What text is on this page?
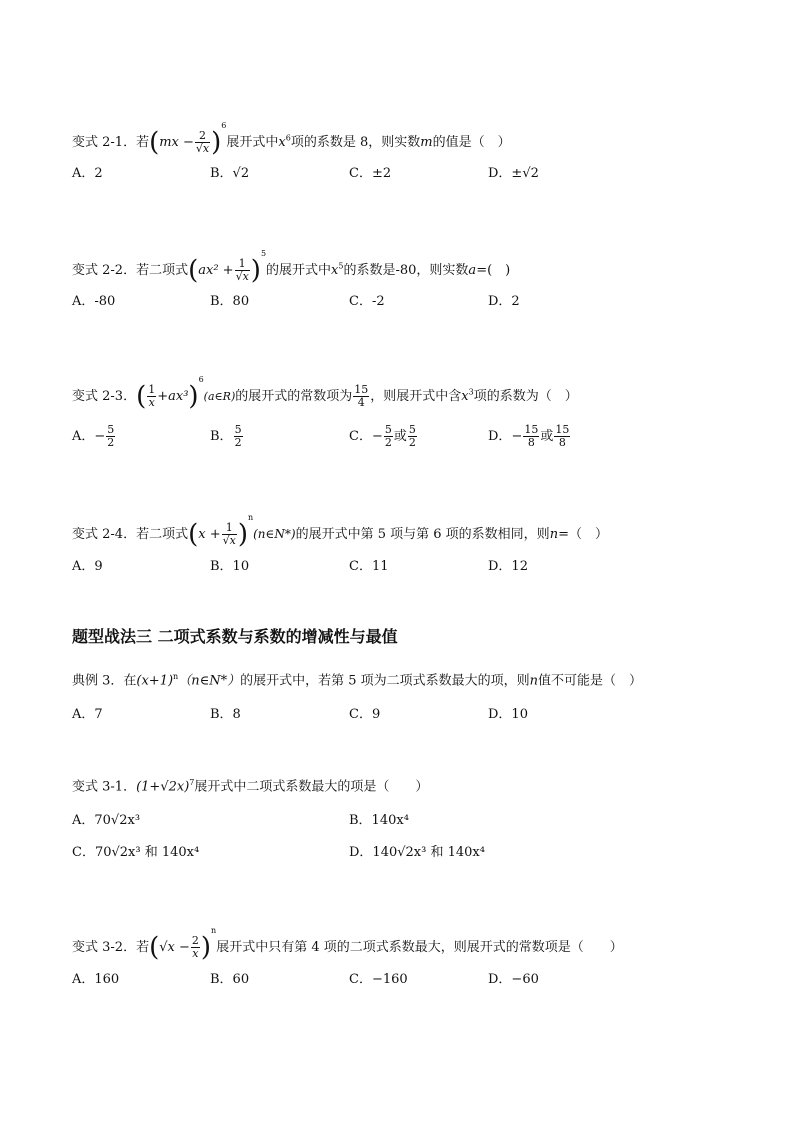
变式 2-1．若$(mx - \frac{2}{√x} )^6$展开式中$x^6$项的系数是 8，则实数m的值是（　）
A．2	B．√2	C．±2	D．±√2
变式 2-2．若二项式$(ax^2 + \frac{1}{√x} )^5$的展开式中$x^5$的系数是-80，则实数a=(　)
A．-80	B．80	C．-2	D．2
变式 2-3．( $\frac{1}{x}$ +ax³)$^6$(a∈R)的展开式的常数项为 $\frac{15}{4}$ ，则展开式中含$x^3$项的系数为（　）
A．− $\frac{5}{2}$	B． $\frac{5}{2}$	C．− $\frac{5}{2}$ 或 $\frac{5}{2}$	D．− $\frac{15}{8}$ 或 $\frac{15}{8}$
变式 2-4．若二项式($x + \frac{1}{√x}$ )$^n(n\in N*)$的展开式中第 5 项与第 6 项的系数相同，则n=（　）
A．9	B．10	C．11	D．12
题型战法三 二项式系数与系数的增减性与最值
典例 3．在$(x+1)^n(n\in N*)$的展开式中，若第 5 项为二项式系数最大的项，则n值不可能是（　）
A．7	B．8	C．9	D．10
变式 3-1．$(1+√2x)^7$展开式中二项式系数最大的项是（　　）
A．70√2x³	B．140x⁴
C．70√2x³ 和 140x⁴	D．140√2x³ 和 140x⁴
变式 3-2．若$(√x - \frac{2}{x} )^n$展开式中只有第 4 项的二项式系数最大，则展开式的常数项是（　　）
A．160	B．60	C．−160	D．−60
